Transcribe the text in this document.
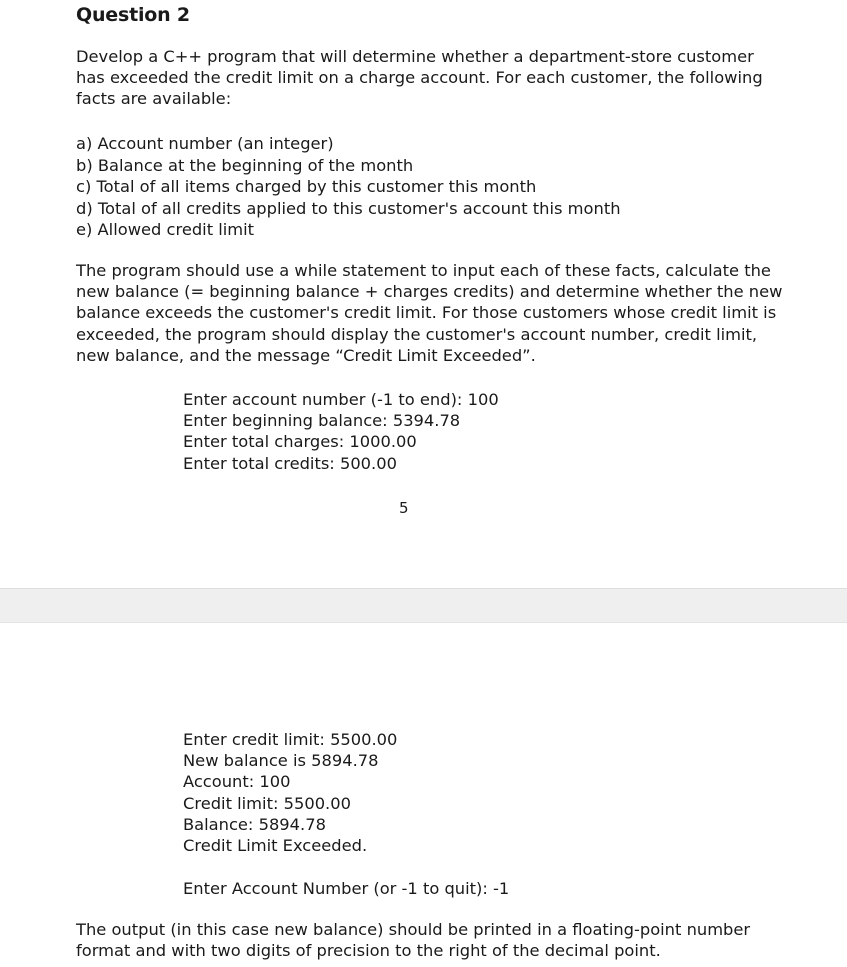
Question 2
Develop a C++ program that will determine whether a department-store customer
has exceeded the credit limit on a charge account. For each customer, the following
facts are available:
a) Account number (an integer)
b) Balance at the beginning of the month
c) Total of all items charged by this customer this month
d) Total of all credits applied to this customer's account this month
e) Allowed credit limit
The program should use a while statement to input each of these facts, calculate the
new balance (= beginning balance + charges credits) and determine whether the new
balance exceeds the customer's credit limit. For those customers whose credit limit is
exceeded, the program should display the customer's account number, credit limit,
new balance, and the message “Credit Limit Exceeded”.
Enter account number (-1 to end): 100
Enter beginning balance: 5394.78
Enter total charges: 1000.00
Enter total credits: 500.00
5
Enter credit limit: 5500.00
New balance is 5894.78
Account: 100
Credit limit: 5500.00
Balance: 5894.78
Credit Limit Exceeded.
Enter Account Number (or -1 to quit): -1
The output (in this case new balance) should be printed in a floating-point number
format and with two digits of precision to the right of the decimal point.
